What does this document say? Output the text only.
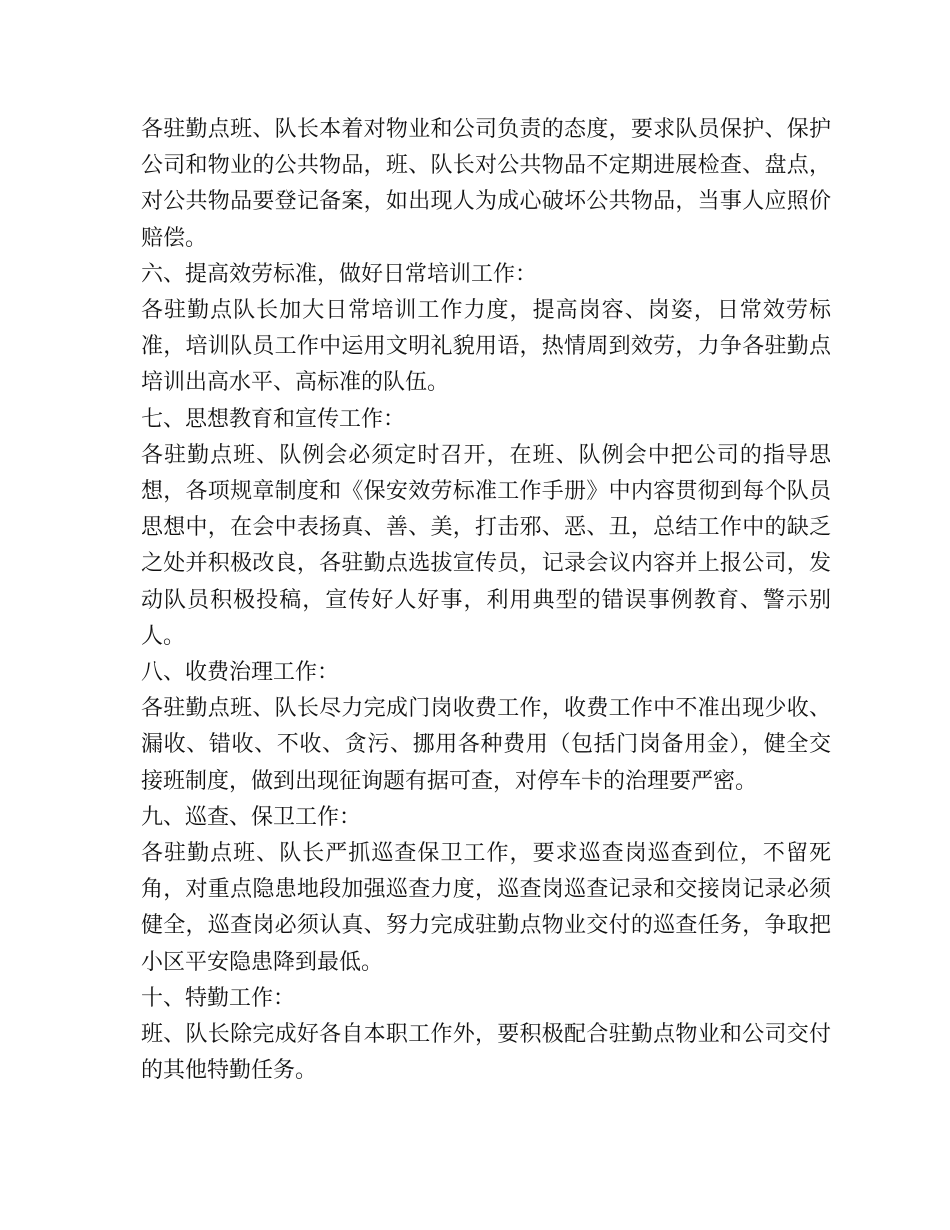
各驻勤点班、队长本着对物业和公司负责的态度，要求队员保护、保护公司和物业的公共物品，班、队长对公共物品不定期进展检查、盘点，对公共物品要登记备案，如出现人为成心破坏公共物品，当事人应照价赔偿。

六、提高效劳标准，做好日常培训工作：

各驻勤点队长加大日常培训工作力度，提高岗容、岗姿，日常效劳标准，培训队员工作中运用文明礼貌用语，热情周到效劳，力争各驻勤点培训出高水平、高标准的队伍。

七、思想教育和宣传工作：

各驻勤点班、队例会必须定时召开，在班、队例会中把公司的指导思想，各项规章制度和《保安效劳标准工作手册》中内容贯彻到每个队员思想中，在会中表扬真、善、美，打击邪、恶、丑，总结工作中的缺乏之处并积极改良，各驻勤点选拔宣传员，记录会议内容并上报公司，发动队员积极投稿，宣传好人好事，利用典型的错误事例教育、警示别人。

八、收费治理工作：

各驻勤点班、队长尽力完成门岗收费工作，收费工作中不准出现少收、漏收、错收、不收、贪污、挪用各种费用（包括门岗备用金），健全交接班制度，做到出现征询题有据可查，对停车卡的治理要严密。

九、巡查、保卫工作：

各驻勤点班、队长严抓巡查保卫工作，要求巡查岗巡查到位，不留死角，对重点隐患地段加强巡查力度，巡查岗巡查记录和交接岗记录必须健全，巡查岗必须认真、努力完成驻勤点物业交付的巡查任务，争取把小区平安隐患降到最低。

十、特勤工作：

班、队长除完成好各自本职工作外，要积极配合驻勤点物业和公司交付的其他特勤任务。
